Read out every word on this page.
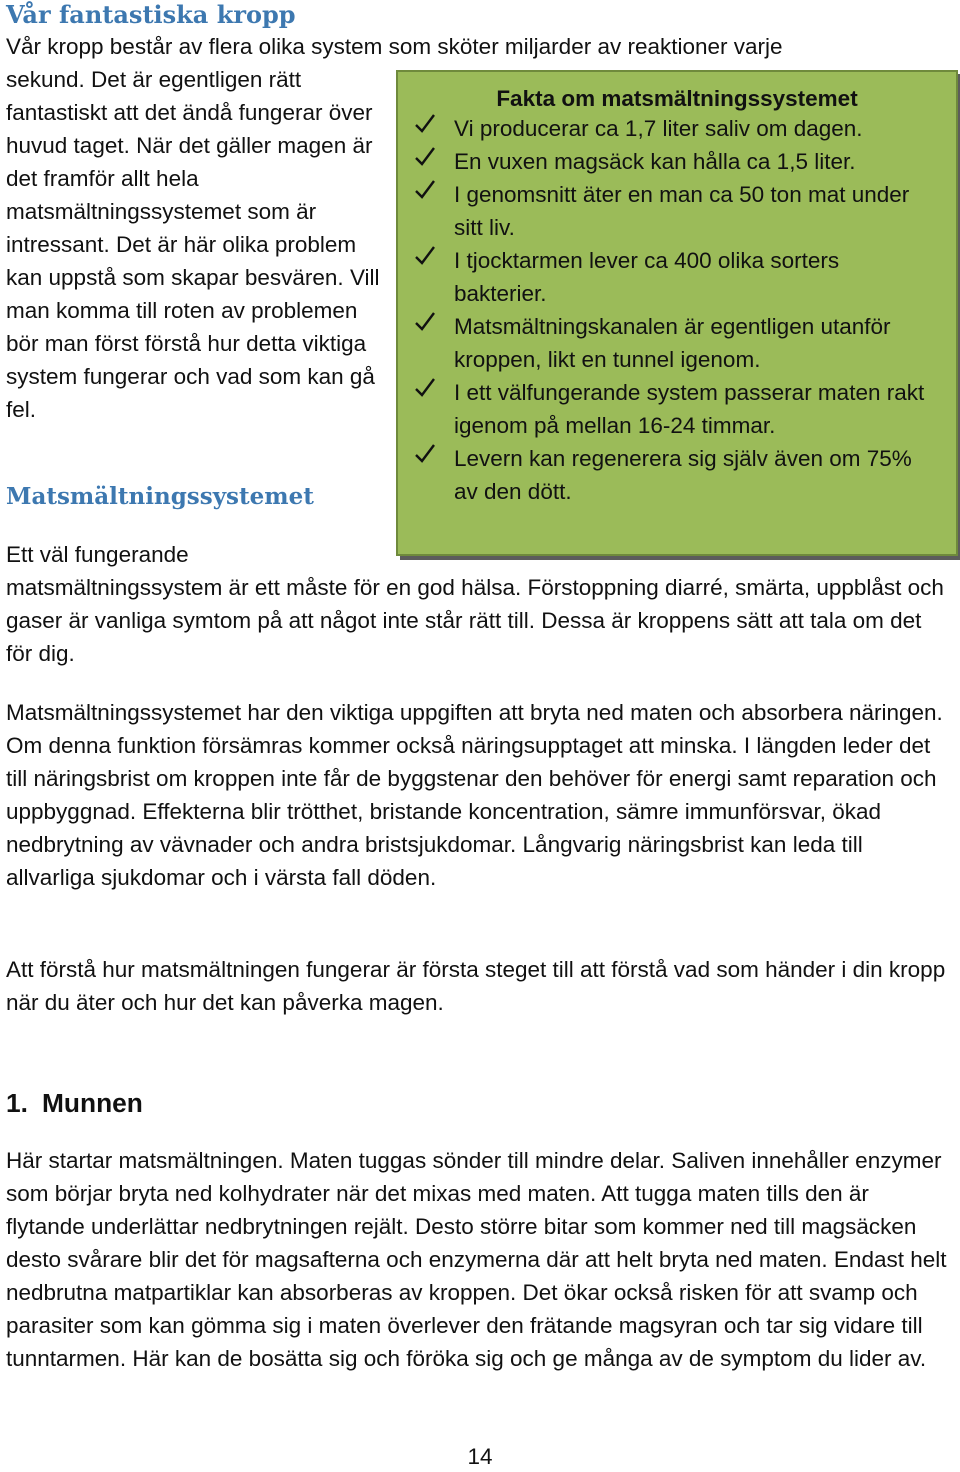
Vår fantastiska kropp

Vår kropp består av flera olika system som sköter miljarder av reaktioner varje

sekund. Det är egentligen rätt fantastiskt att det ändå fungerar över huvud taget. När det gäller magen är det framför allt hela matsmältningssystemet som är intressant. Det är här olika problem kan uppstå som skapar besvären. Vill man komma till roten av problemen bör man först förstå hur detta viktiga system fungerar och vad som kan gå fel.

Matsmältningssystemet
Fakta om matsmältningssystemet
Vi producerar ca 1,7 liter saliv om dagen.
En vuxen magsäck kan hålla ca 1,5 liter.
I genomsnitt äter en man ca 50 ton mat under sitt liv.
I tjocktarmen lever ca 400 olika sorters bakterier.
Matsmältningskanalen är egentligen utanför kroppen, likt en tunnel igenom.
I ett välfungerande system passerar maten rakt igenom på mellan 16-24 timmar.
Levern kan regenerera sig själv även om 75% av den dött.

Ett väl fungerande
matsmältningssystem är ett måste för en god hälsa. Förstoppning diarré, smärta, uppblåst och gaser är vanliga symtom på att något inte står rätt till. Dessa är kroppens sätt att tala om det för dig.

Matsmältningssystemet har den viktiga uppgiften att bryta ned maten och absorbera näringen. Om denna funktion försämras kommer också näringsupptaget att minska. I längden leder det till näringsbrist om kroppen inte får de byggstenar den behöver för energi samt reparation och uppbyggnad. Effekterna blir trötthet, bristande koncentration, sämre immunförsvar, ökad nedbrytning av vävnader och andra bristsjukdomar. Långvarig näringsbrist kan leda till allvarliga sjukdomar och i värsta fall döden.

Att förstå hur matsmältningen fungerar är första steget till att förstå vad som händer i din kropp när du äter och hur det kan påverka magen.

1. Munnen

Här startar matsmältningen. Maten tuggas sönder till mindre delar. Saliven innehåller enzymer som börjar bryta ned kolhydrater när det mixas med maten. Att tugga maten tills den är flytande underlättar nedbrytningen rejält. Desto större bitar som kommer ned till magsäcken desto svårare blir det för magsafterna och enzymerna där att helt bryta ned maten. Endast helt nedbrutna matpartiklar kan absorberas av kroppen. Det ökar också risken för att svamp och parasiter som kan gömma sig i maten överlever den frätande magsyran och tar sig vidare till tunntarmen. Här kan de bosätta sig och föröka sig och ge många av de symptom du lider av.

14
